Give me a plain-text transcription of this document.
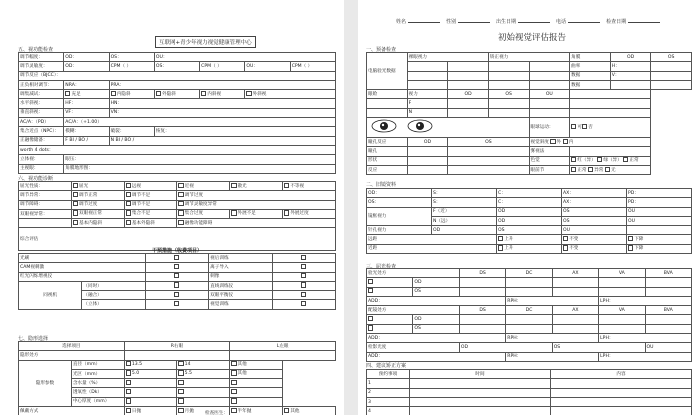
互联网+青少年视力视觉健康管理中心
五、视功能检查
调节幅度：	OD：	OS：	OU：			
调节灵敏度：	OD：	CPM（ ）	OS：	CPM（ ）	OU：	CPM（ ）
调节反应（BJCC）：						
正负相对调节：	NRA：	PRA：				
调集减试：	充足	内隐斜	外隐斜	内斜视	外斜视	
水平斜视：	HF：	HN：				
垂直斜视：	VF：	VN：				
AC/A：（PD）	AC/A：（+1.00）					
集合近点（NPC）：	模糊：	破裂：	恢复：			
正融像储备：	F BI / BO /	N BI / BO /				
worth 4 dots：						
立体视：	眼压：					
主视眼：	角膜地形图：					
六、视功能诊断
屈光性质：	屈光	远视	近视	散光	不等视
调节异常：	调节正常	调节不足	调节过度		
调节障碍：	调节过度	调节不足	调节灵敏度异常		
双眼视异常：	双眼视正常	集合不足	集合过度	外展不足	外展过度
	基本内隐斜	基本外隐斜	融像功能障碍		
综合评估					
干预措施（收费项目）
光刷			视后训练	
CAM视刺激			离子导入	
红光闪烁增视仪			刺像	
同视机	（同时）		直线训练仪	
	（融合）		双眼平衡仪	
	（立体）		视觉训练	
七、隐形选择
选择项目		R右眼		L左眼	
隐形处方					
隐形参数	直径（mm）	13.5	14	其他	
	光区（mm）	5.0	5.5	其他	
	含水量（%）				
	透氧性（Dk）				
	中心厚度（mm）				
佩戴方式		日抛	月抛	半年抛	其他
检查医生：
姓名	性别	出生日期	电话	检查日期
初始视觉评估报告
一、预备检查
电脑验光数据	裸眼视力		矫正视力		角膜	OD	OS
					曲率	H：	
					数据	V：	
					数据		
眼睑	视力	OD	OS	OU			
	F						
	N						
	眼球运动：	可 否		
瞳孔反应	OD	OS		视觉斜度 外 内			
瞳孔				雾视法			
形状				色觉	红（异） 绿（异） 正常		
反应				眼前节	正常 异常 无		
二、旧镜资料
OD：	S：	C：	AX：	PD：
OS：	S：	C：	AX：	PD：
镜框视力	F（近）	OD	OS	OU
	N（远）	OD	OS	OU
针孔视力	OD	OS	OU	
远距		上升	不变	下降
近距		上升	不变	下降
三、屈光检查
验光处方		DS	DC	AX	VA	BVA
	OD					
	OS					
ADD：			RPH：		LPH：	
配镜处方		DS	DC	AX	VA	BVA
	OD					
	OS					
ADD：			RPH：		LPH：	
检影光度		OD		OS		OU
ADD：			RPH：		LPH：	
四、建议矫正方案
预约事项	时间	内容
1		
2		
3		
4		
